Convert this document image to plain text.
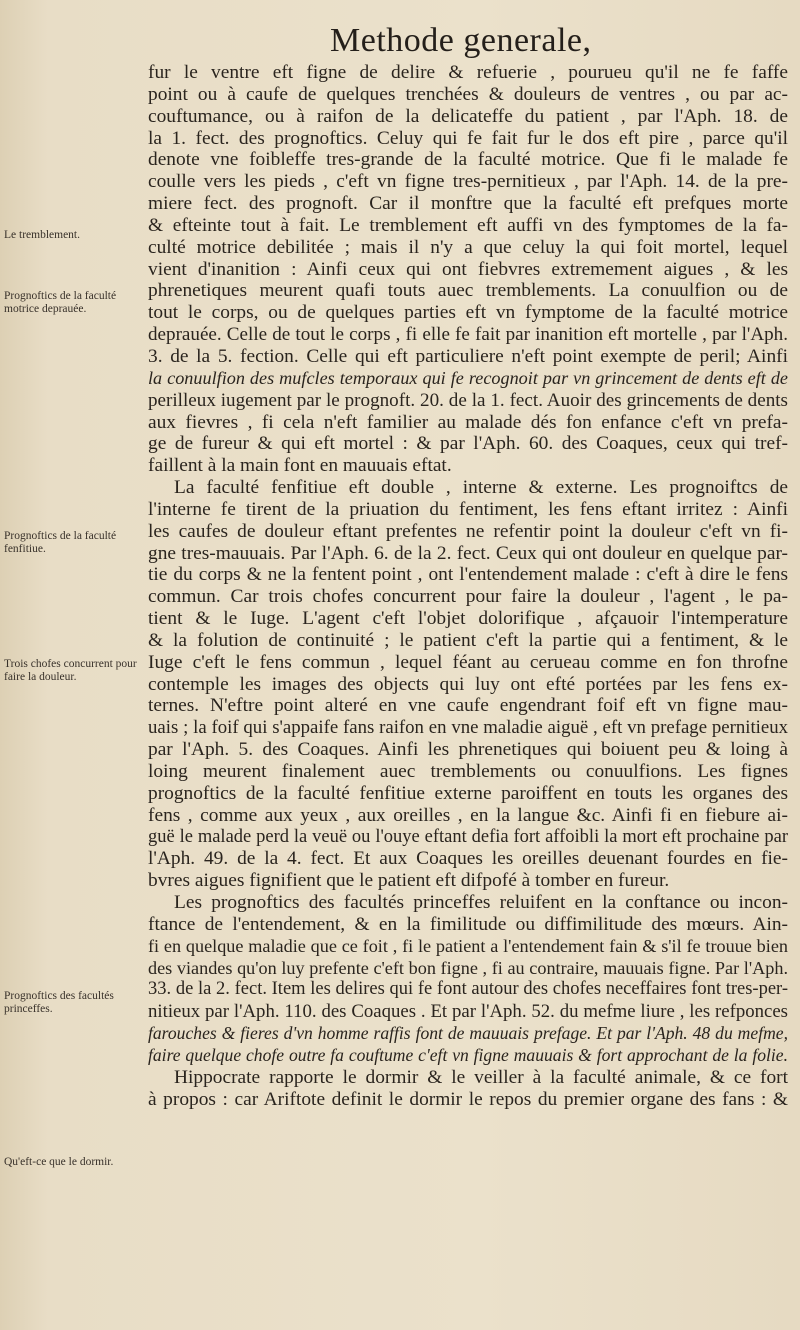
Methode generale,
Le tremblement.
Prognoftics de la faculté motrice deprauée.
Prognoftics de la faculté fenfitiue.
Trois chofes concurrent pour faire la douleur.
Prognoftics des facultés princeffes.
Qu'eft-ce que le dormir.
fur le ventre eft figne de delire & refuerie , pourueu qu'il ne fe faffe
point ou à caufe de quelques trenchées & douleurs de ventres , ou par ac-
couftumance, ou à raifon de la delicateffe du patient , par l'Aph. 18. de
la 1. fect. des prognoftics. Celuy qui fe fait fur le dos eft pire , parce qu'il
denote vne foibleffe tres-grande de la faculté motrice. Que fi le malade fe
coulle vers les pieds , c'eft vn figne tres-pernitieux , par l'Aph. 14. de la pre-
miere fect. des prognoft. Car il monftre que la faculté eft prefques morte
& efteinte tout à fait. Le tremblement eft auffi vn des fymptomes de la fa-
culté motrice debilitée ; mais il n'y a que celuy la qui foit mortel, lequel
vient d'inanition : Ainfi ceux qui ont fiebvres extremement aigues , & les
phrenetiques meurent quafi touts auec tremblements. La conuulfion ou de
tout le corps, ou de quelques parties eft vn fymptome de la faculté motrice
deprauée. Celle de tout le corps , fi elle fe fait par inanition eft mortelle , par l'Aph.
3. de la 5. fection. Celle qui eft particuliere n'eft point exempte de peril; Ainfi
la conuulfion des mufcles temporaux qui fe recognoit par vn grincement de dents eft de
perilleux iugement par le prognoft. 20. de la 1. fect. Auoir des grincements de dents
aux fievres , fi cela n'eft familier au malade dés fon enfance c'eft vn prefa-
ge de fureur & qui eft mortel : & par l'Aph. 60. des Coaques, ceux qui tref-
faillent à la main font en mauuais eftat.
La faculté fenfitiue eft double , interne & externe. Les prognoiftcs de
l'interne fe tirent de la priuation du fentiment, les fens eftant irritez : Ainfi
les caufes de douleur eftant prefentes ne refentir point la douleur c'eft vn fi-
gne tres-mauuais. Par l'Aph. 6. de la 2. fect. Ceux qui ont douleur en quelque par-
tie du corps & ne la fentent point , ont l'entendement malade : c'eft à dire le fens
commun. Car trois chofes concurrent pour faire la douleur , l'agent , le pa-
tient & le Iuge. L'agent c'eft l'objet dolorifique , afçauoir l'intemperature
& la folution de continuité ; le patient c'eft la partie qui a fentiment, & le
Iuge c'eft le fens commun , lequel féant au cerueau comme en fon throfne
contemple les images des objects qui luy ont efté portées par les fens ex-
ternes. N'eftre point alteré en vne caufe engendrant foif eft vn figne mau-
uais ; la foif qui s'appaife fans raifon en vne maladie aiguë , eft vn prefage pernitieux
par l'Aph. 5. des Coaques. Ainfi les phrenetiques qui boiuent peu & loing à
loing meurent finalement auec tremblements ou conuulfions. Les fignes
prognoftics de la faculté fenfitiue externe paroiffent en touts les organes des
fens , comme aux yeux , aux oreilles , en la langue &c. Ainfi fi en fiebure ai-
guë le malade perd la veuë ou l'ouye eftant defia fort affoibli la mort eft prochaine par
l'Aph. 49. de la 4. fect. Et aux Coaques les oreilles deuenant fourdes en fie-
bvres aigues fignifient que le patient eft difpofé à tomber en fureur.
Les prognoftics des facultés princeffes reluifent en la conftance ou incon-
ftance de l'entendement, & en la fimilitude ou diffimilitude des mœurs. Ain-
fi en quelque maladie que ce foit , fi le patient a l'entendement fain & s'il fe trouue bien
des viandes qu'on luy prefente c'eft bon figne , fi au contraire, mauuais figne. Par l'Aph.
33. de la 2. fect. Item les delires qui fe font autour des chofes neceffaires font tres-per-
nitieux par l'Aph. 110. des Coaques . Et par l'Aph. 52. du mefme liure , les refponces
farouches & fieres d'vn homme raffis font de mauuais prefage. Et par l'Aph. 48 du mefme,
faire quelque chofe outre fa couftume c'eft vn figne mauuais & fort approchant de la folie.
Hippocrate rapporte le dormir & le veiller à la faculté animale, & ce fort
à propos : car Ariftote definit le dormir le repos du premier organe des fans : &
